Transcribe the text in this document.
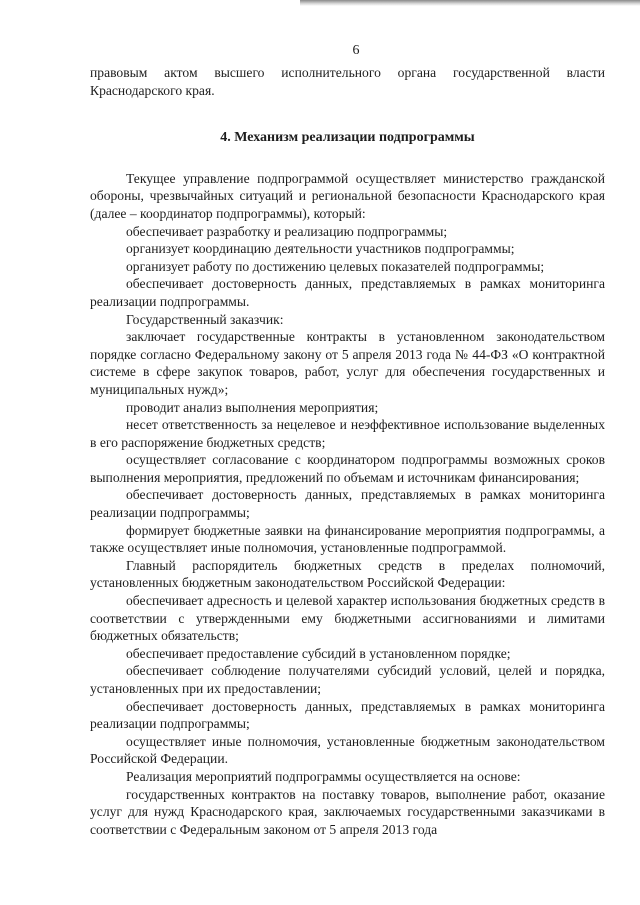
6

правовым актом высшего исполнительного органа государственной власти Краснодарского края.

4. Механизм реализации подпрограммы

Текущее управление подпрограммой осуществляет министерство гражданской обороны, чрезвычайных ситуаций и региональной безопасности Краснодарского края (далее – координатор подпрограммы), который:

обеспечивает разработку и реализацию подпрограммы;

организует координацию деятельности участников подпрограммы;

организует работу по достижению целевых показателей подпрограммы;

обеспечивает достоверность данных, представляемых в рамках мониторинга реализации подпрограммы.

Государственный заказчик:

заключает государственные контракты в установленном законодательством порядке согласно Федеральному закону от 5 апреля 2013 года № 44-ФЗ «О контрактной системе в сфере закупок товаров, работ, услуг для обеспечения государственных и муниципальных нужд»;

проводит анализ выполнения мероприятия;

несет ответственность за нецелевое и неэффективное использование выделенных в его распоряжение бюджетных средств;

осуществляет согласование с координатором подпрограммы возможных сроков выполнения мероприятия, предложений по объемам и источникам финансирования;

обеспечивает достоверность данных, представляемых в рамках мониторинга реализации подпрограммы;

формирует бюджетные заявки на финансирование мероприятия подпрограммы, а также осуществляет иные полномочия, установленные подпрограммой.

Главный распорядитель бюджетных средств в пределах полномочий, установленных бюджетным законодательством Российской Федерации:

обеспечивает адресность и целевой характер использования бюджетных средств в соответствии с утвержденными ему бюджетными ассигнованиями и лимитами бюджетных обязательств;

обеспечивает предоставление субсидий в установленном порядке;

обеспечивает соблюдение получателями субсидий условий, целей и порядка, установленных при их предоставлении;

обеспечивает достоверность данных, представляемых в рамках мониторинга реализации подпрограммы;

осуществляет иные полномочия, установленные бюджетным законодательством Российской Федерации.

Реализация мероприятий подпрограммы осуществляется на основе:

государственных контрактов на поставку товаров, выполнение работ, оказание услуг для нужд Краснодарского края, заключаемых государственными заказчиками в соответствии с Федеральным законом от 5 апреля 2013 года
